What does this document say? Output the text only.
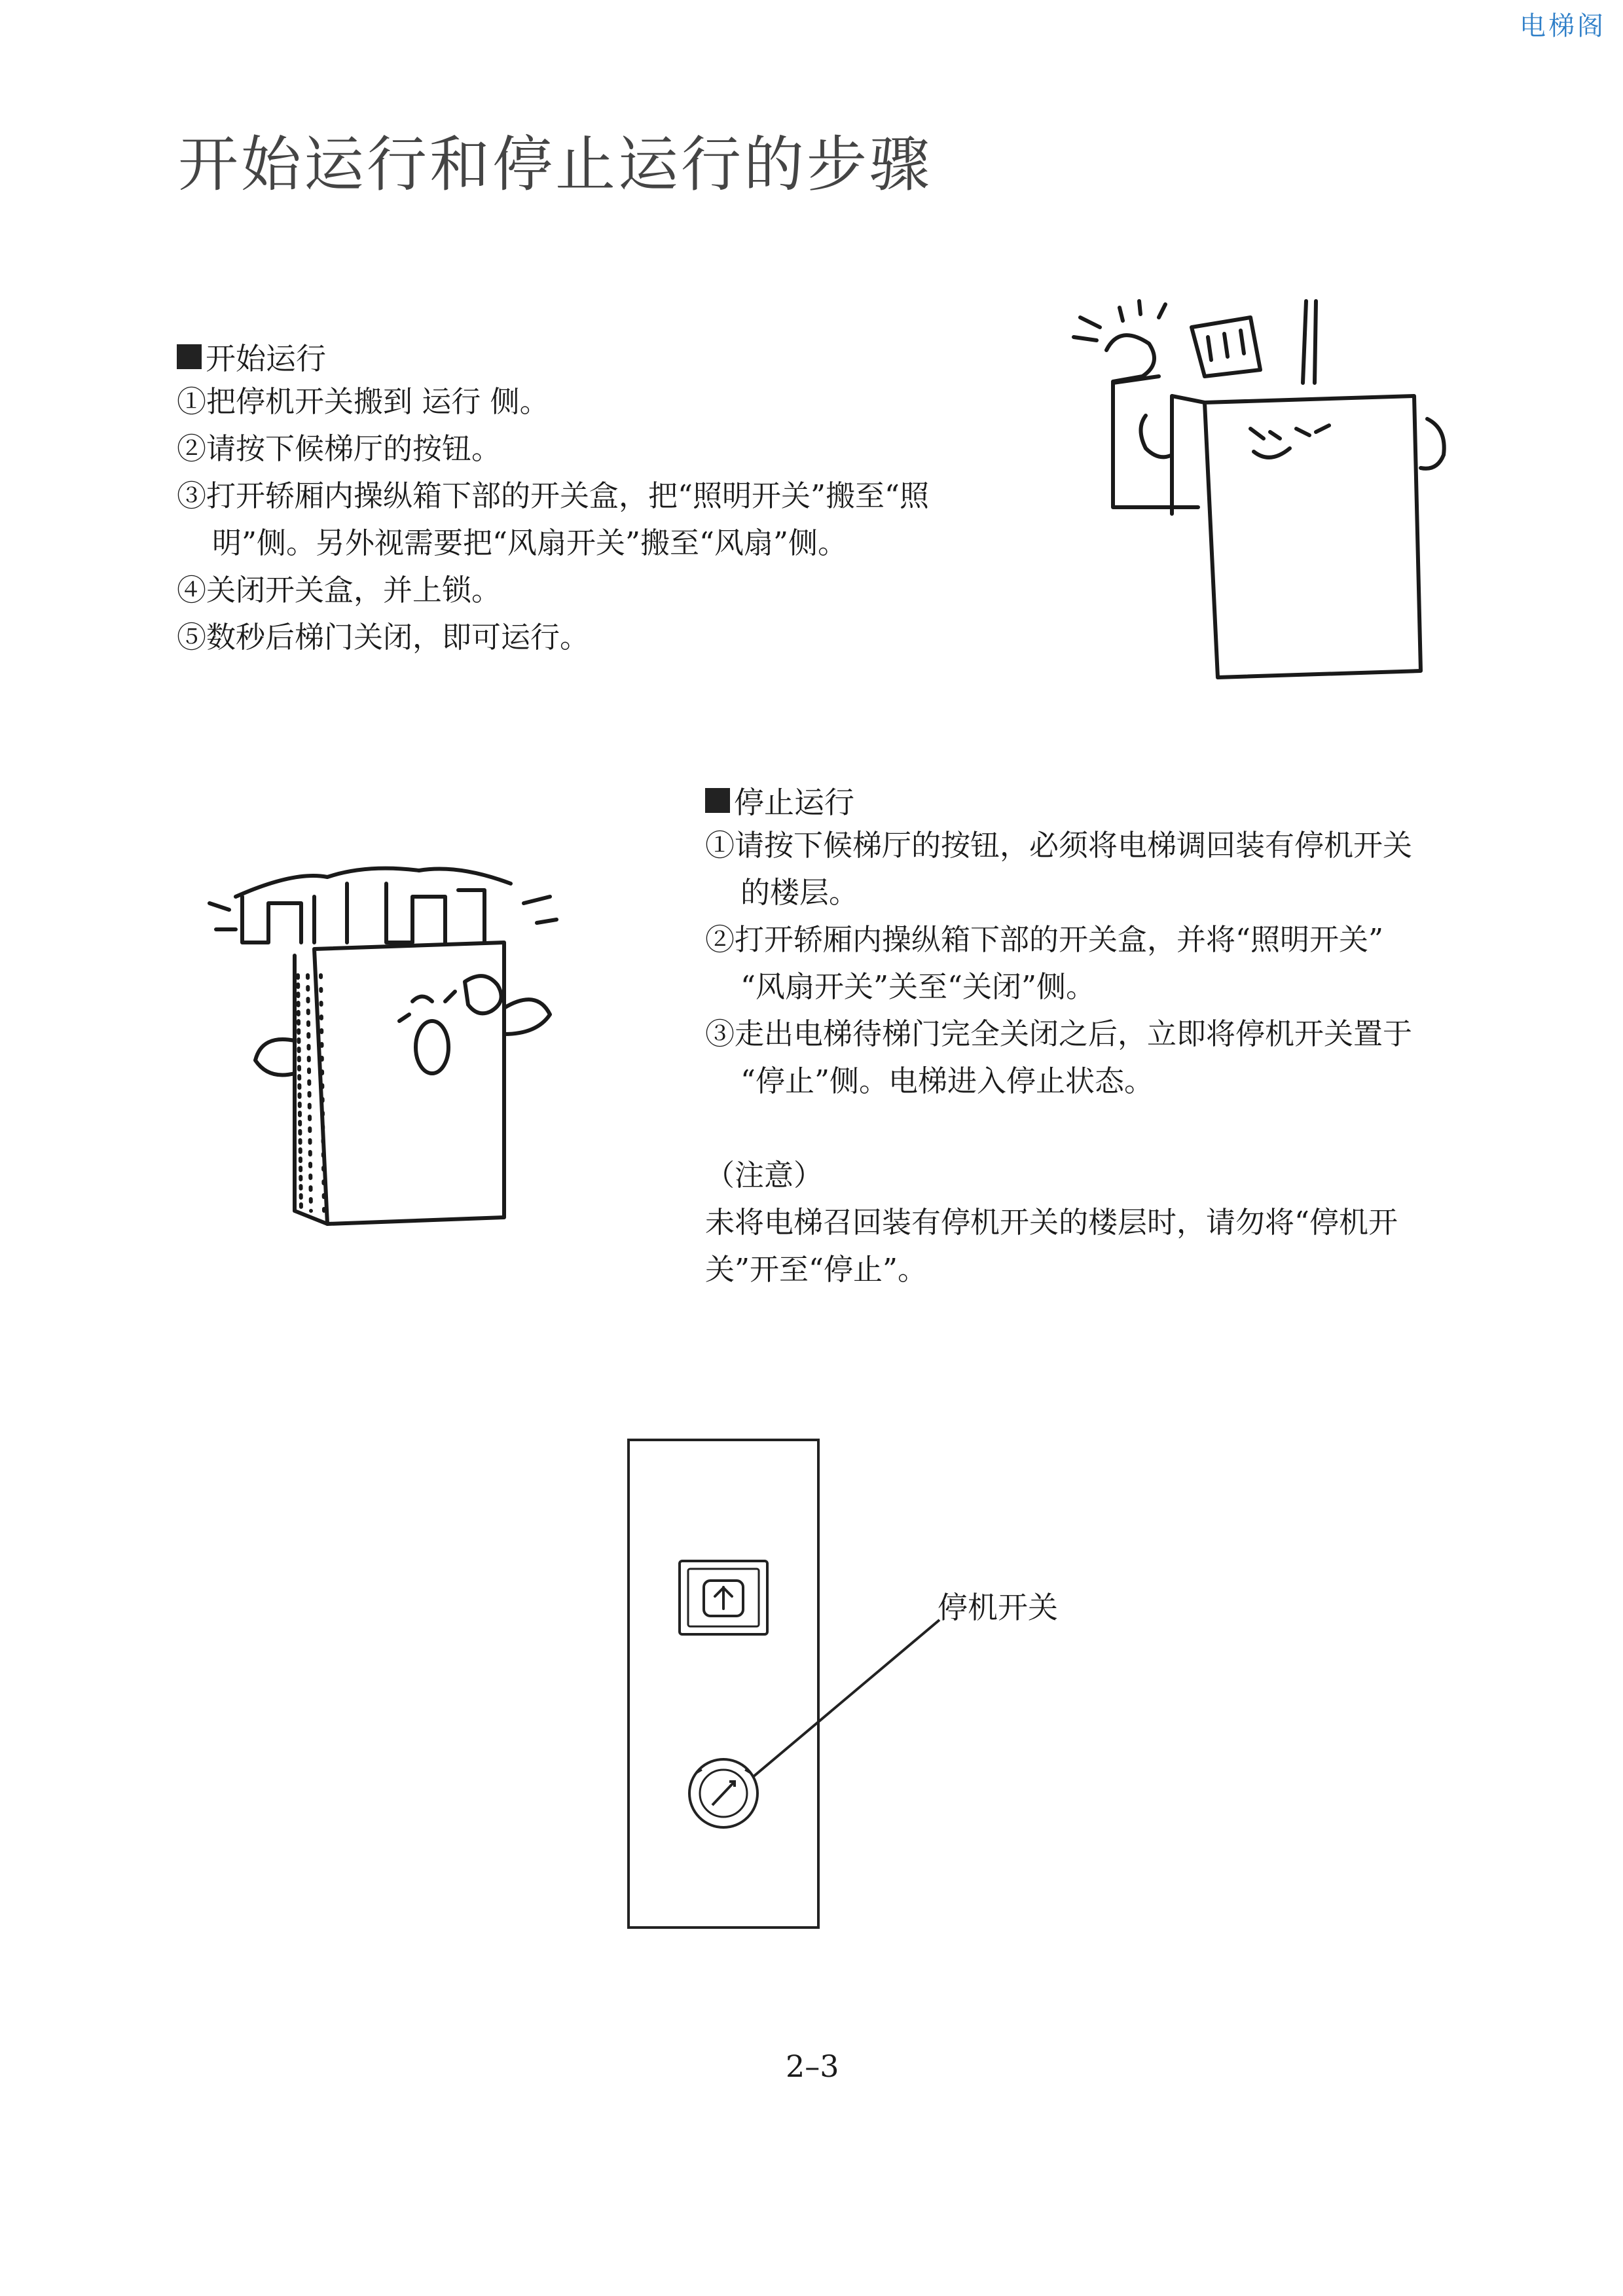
电梯阁
开始运行和停止运行的步骤
开始运行
①把停机开关搬到 运行 侧。
②请按下候梯厅的按钮。
③打开轿厢内操纵箱下部的开关盒，把“照明开关”搬至“照
明”侧。另外视需要把“风扇开关”搬至“风扇”侧。
④关闭开关盒，并上锁。
⑤数秒后梯门关闭，即可运行。
停止运行
①请按下候梯厅的按钮，必须将电梯调回装有停机开关
的楼层。
②打开轿厢内操纵箱下部的开关盒，并将“照明开关”
“风扇开关”关至“关闭”侧。
③走出电梯待梯门完全关闭之后，立即将停机开关置于
“停止”侧。电梯进入停止状态。
（注意）
未将电梯召回装有停机开关的楼层时，请勿将“停机开
关”开至“停止”。
停机开关
2–3
